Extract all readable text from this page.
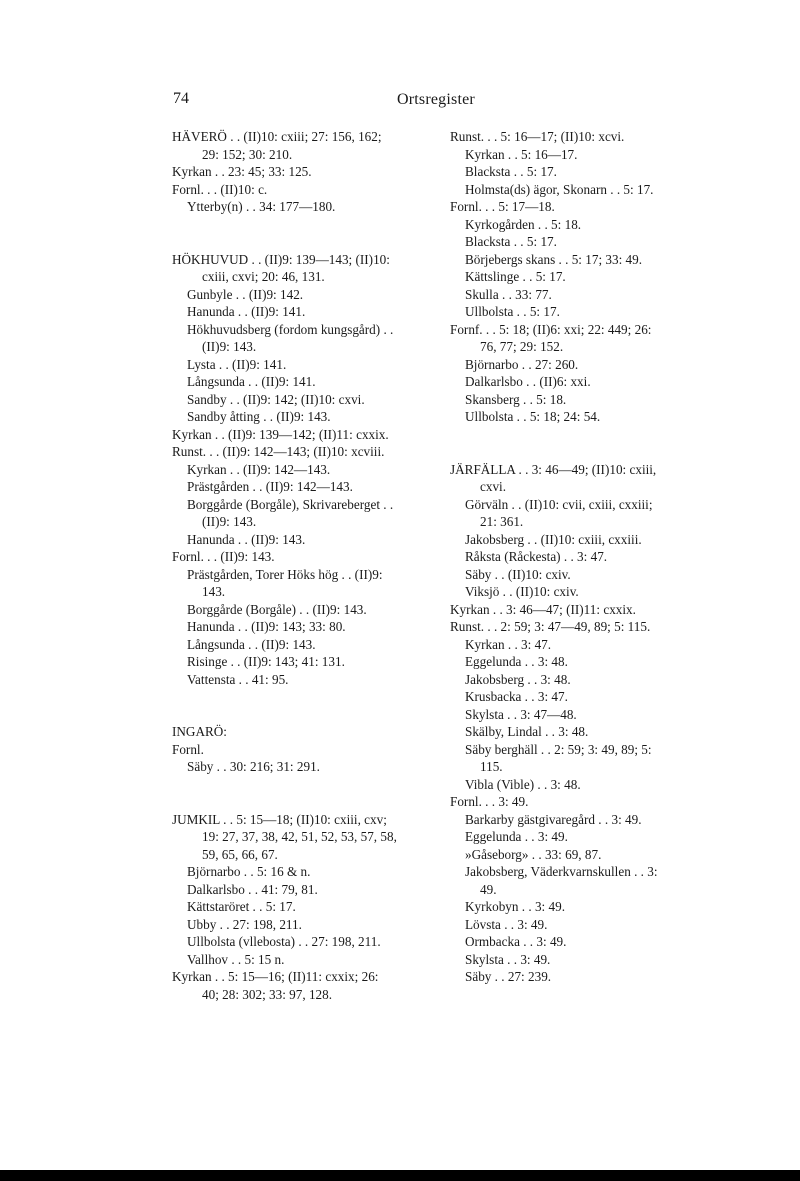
74	Ortsregister
HÄVERÖ . . (II)10: cxiii; 27: 156, 162;
29: 152; 30: 210.
Kyrkan . . 23: 45; 33: 125.
Fornl. . . (II)10: c.
Ytterby(n) . . 34: 177—180.
HÖKHUVUD . . (II)9: 139—143; (II)10:
cxiii, cxvi; 20: 46, 131.
Gunbyle . . (II)9: 142.
Hanunda . . (II)9: 141.
Hökhuvudsberg (fordom kungsgård) . .
(II)9: 143.
Lysta . . (II)9: 141.
Långsunda . . (II)9: 141.
Sandby . . (II)9: 142; (II)10: cxvi.
Sandby åtting . . (II)9: 143.
Kyrkan . . (II)9: 139—142; (II)11: cxxix.
Runst. . . (II)9: 142—143; (II)10: xcviii.
Kyrkan . . (II)9: 142—143.
Prästgården . . (II)9: 142—143.
Borggårde (Borgåle), Skrivareberget . .
(II)9: 143.
Hanunda . . (II)9: 143.
Fornl. . . (II)9: 143.
Prästgården, Torer Höks hög . . (II)9:
143.
Borggårde (Borgåle) . . (II)9: 143.
Hanunda . . (II)9: 143; 33: 80.
Långsunda . . (II)9: 143.
Risinge . . (II)9: 143; 41: 131.
Vattensta . . 41: 95.
INGARÖ:
Fornl.
Säby . . 30: 216; 31: 291.
JUMKIL . . 5: 15—18; (II)10: cxiii, cxv;
19: 27, 37, 38, 42, 51, 52, 53, 57, 58,
59, 65, 66, 67.
Björnarbo . . 5: 16 & n.
Dalkarlsbo . . 41: 79, 81.
Kättstaröret . . 5: 17.
Ubby . . 27: 198, 211.
Ullbolsta (vllebosta) . . 27: 198, 211.
Vallhov . . 5: 15 n.
Kyrkan . . 5: 15—16; (II)11: cxxix; 26:
40; 28: 302; 33: 97, 128.
Runst. . . 5: 16—17; (II)10: xcvi.
Kyrkan . . 5: 16—17.
Blacksta . . 5: 17.
Holmsta(ds) ägor, Skonarn . . 5: 17.
Fornl. . . 5: 17—18.
Kyrkogården . . 5: 18.
Blacksta . . 5: 17.
Börjebergs skans . . 5: 17; 33: 49.
Kättslinge . . 5: 17.
Skulla . . 33: 77.
Ullbolsta . . 5: 17.
Fornf. . . 5: 18; (II)6: xxi; 22: 449; 26:
76, 77; 29: 152.
Björnarbo . . 27: 260.
Dalkarlsbo . . (II)6: xxi.
Skansberg . . 5: 18.
Ullbolsta . . 5: 18; 24: 54.
JÄRFÄLLA . . 3: 46—49; (II)10: cxiii,
cxvi.
Görväln . . (II)10: cvii, cxiii, cxxiii;
21: 361.
Jakobsberg . . (II)10: cxiii, cxxiii.
Råksta (Råckesta) . . 3: 47.
Säby . . (II)10: cxiv.
Viksjö . . (II)10: cxiv.
Kyrkan . . 3: 46—47; (II)11: cxxix.
Runst. . . 2: 59; 3: 47—49, 89; 5: 115.
Kyrkan . . 3: 47.
Eggelunda . . 3: 48.
Jakobsberg . . 3: 48.
Krusbacka . . 3: 47.
Skylsta . . 3: 47—48.
Skälby, Lindal . . 3: 48.
Säby berghäll . . 2: 59; 3: 49, 89; 5:
115.
Vibla (Vible) . . 3: 48.
Fornl. . . 3: 49.
Barkarby gästgivaregård . . 3: 49.
Eggelunda . . 3: 49.
»Gåseborg» . . 33: 69, 87.
Jakobsberg, Väderkvarnskullen . . 3:
49.
Kyrkobyn . . 3: 49.
Lövsta . . 3: 49.
Ormbacka . . 3: 49.
Skylsta . . 3: 49.
Säby . . 27: 239.
